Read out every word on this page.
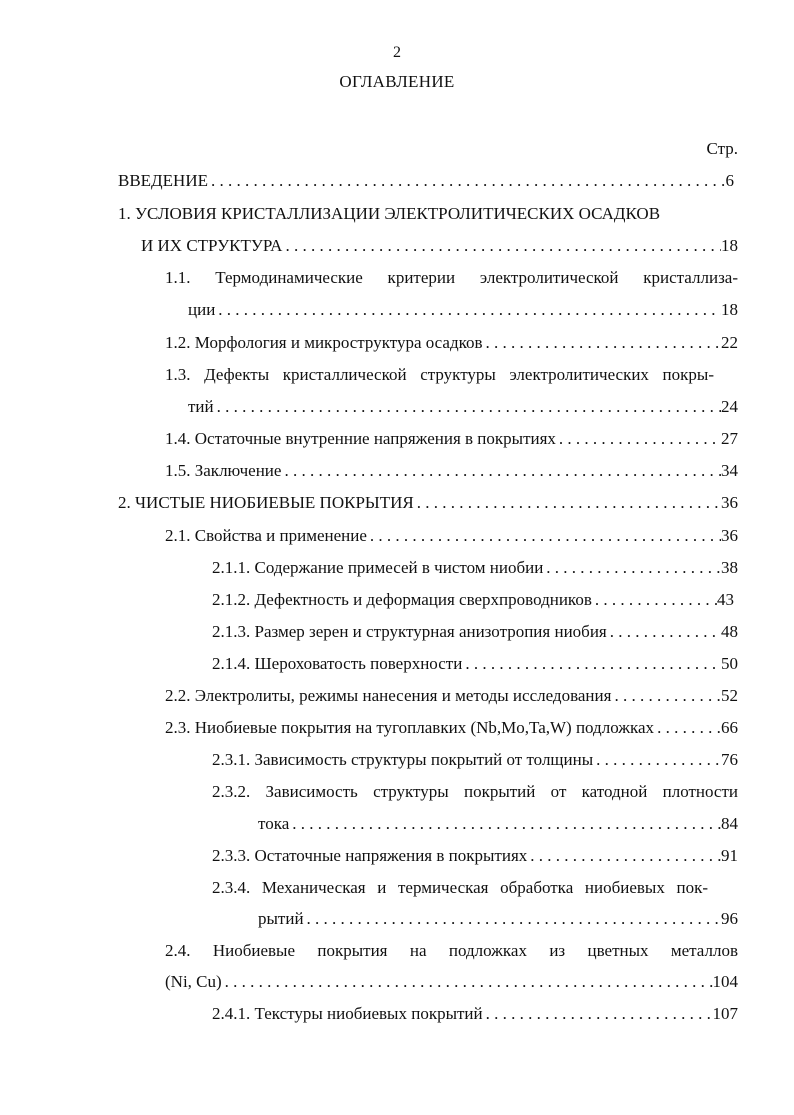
2
ОГЛАВЛЕНИЕ
Стр.
ВВЕДЕНИЕ . . .	6
1. УСЛОВИЯ КРИСТАЛЛИЗАЦИИ ЭЛЕКТРОЛИТИЧЕСКИХ ОСАДКОВ
И ИХ СТРУКТУРА . . .	18
1.1. Термодинамические критерии электролитической кристаллиза-
ции . . .	18
1.2. Морфология и микроструктура осадков . . .	22
1.3. Дефекты кристаллической структуры электролитических покры-
тий . . .	24
1.4. Остаточные внутренние напряжения в покрытиях . . .	27
1.5. Заключение . . .	34
2. ЧИСТЫЕ НИОБИЕВЫЕ ПОКРЫТИЯ . . .	36
2.1. Свойства и применение . . .	36
2.1.1. Содержание примесей в чистом ниобии . . .	38
2.1.2. Дефектность и деформация сверхпроводников . . .	43
2.1.3. Размер зерен и структурная анизотропия ниобия . . .	48
2.1.4. Шероховатость поверхности . . .	50
2.2. Электролиты, режимы нанесения и методы исследования . . .	52
2.3. Ниобиевые покрытия на тугоплавких (Nb,Mo,Ta,W) подложках . . .	66
2.3.1. Зависимость структуры покрытий от толщины . . .	76
2.3.2. Зависимость структуры покрытий от катодной плотности
тока . . .	84
2.3.3. Остаточные напряжения в покрытиях . . .	91
2.3.4. Механическая и термическая обработка ниобиевых пок-
рытий . . .	96
2.4. Ниобиевые покрытия на подложках из цветных металлов
(Ni, Cu) . . .	104
2.4.1. Текстуры ниобиевых покрытий . . .	107
